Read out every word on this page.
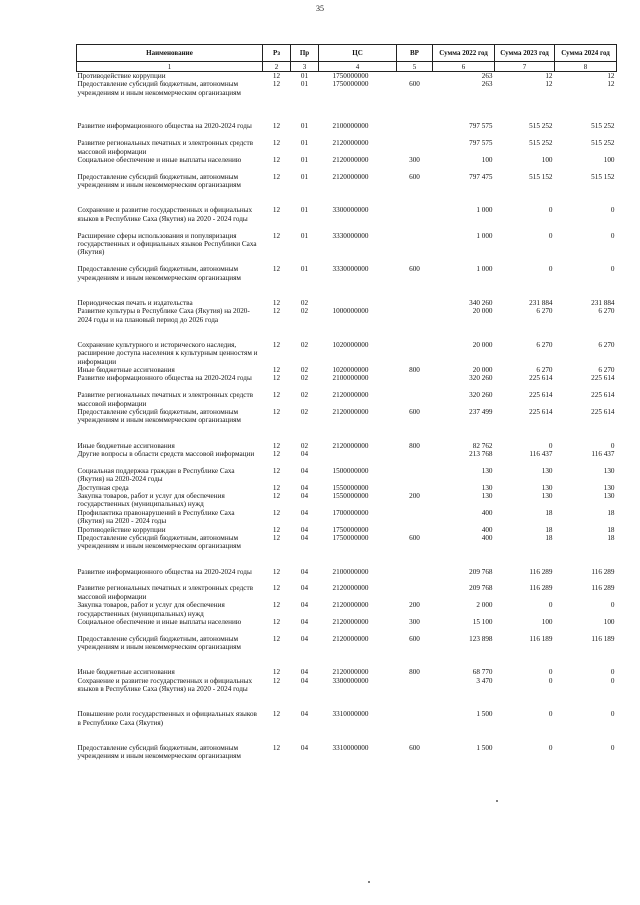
35
Наименование	Рз	Пр	ЦС	ВР	Сумма 2022 год	Сумма 2023 год	Сумма 2024 год
1	2	3	4	5	6	7	8
Противодействие коррупции	12	01	1750000000		263	12	12
Предоставление субсидий бюджетным, автономным учреждениям и иным некоммерческим организациям	12	01	1750000000	600	263	12	12
Развитие информационного общества на 2020-2024 годы	12	01	2100000000		797 575	515 252	515 252
Развитие региональных печатных и электронных средств массовой информации	12	01	2120000000		797 575	515 252	515 252
Социальное обеспечение и иные выплаты населению	12	01	2120000000	300	100	100	100
Предоставление субсидий бюджетным, автономным учреждениям и иным некоммерческим организациям	12	01	2120000000	600	797 475	515 152	515 152
Сохранение и развитие государственных и официальных языков в Республике Саха (Якутия) на 2020 - 2024 годы	12	01	3300000000		1 000	0	0
Расширение сферы использования и популяризация государственных и официальных языков Республики Саха (Якутия)	12	01	3330000000		1 000	0	0
Предоставление субсидий бюджетным, автономным учреждениям и иным некоммерческим организациям	12	01	3330000000	600	1 000	0	0
Периодическая печать и издательства	12	02			340 260	231 884	231 884
Развитие культуры в Республике Саха (Якутия) на 2020-2024 годы и на плановый период до 2026 года	12	02	1000000000		20 000	6 270	6 270
Сохранение культурного и исторического наследия, расширение доступа населения к культурным ценностям и информации	12	02	1020000000		20 000	6 270	6 270
Иные бюджетные ассигнования	12	02	1020000000	800	20 000	6 270	6 270
Развитие информационного общества на 2020-2024 годы	12	02	2100000000		320 260	225 614	225 614
Развитие региональных печатных и электронных средств массовой информации	12	02	2120000000		320 260	225 614	225 614
Предоставление субсидий бюджетным, автономным учреждениям и иным некоммерческим организациям	12	02	2120000000	600	237 499	225 614	225 614
Иные бюджетные ассигнования	12	02	2120000000	800	82 762	0	0
Другие вопросы в области средств массовой информации	12	04			213 768	116 437	116 437
Социальная поддержка граждан в Республике Саха (Якутия) на 2020-2024 годы	12	04	1500000000		130	130	130
Доступная среда	12	04	1550000000		130	130	130
Закупка товаров, работ и услуг для обеспечения государственных (муниципальных) нужд	12	04	1550000000	200	130	130	130
Профилактика правонарушений в Республике Саха (Якутия) на 2020 - 2024 годы	12	04	1700000000		400	18	18
Противодействие коррупции	12	04	1750000000		400	18	18
Предоставление субсидий бюджетным, автономным учреждениям и иным некоммерческим организациям	12	04	1750000000	600	400	18	18
Развитие информационного общества на 2020-2024 годы	12	04	2100000000		209 768	116 289	116 289
Развитие региональных печатных и электронных средств массовой информации	12	04	2120000000		209 768	116 289	116 289
Закупка товаров, работ и услуг для обеспечения государственных (муниципальных) нужд	12	04	2120000000	200	2 000	0	0
Социальное обеспечение и иные выплаты населению	12	04	2120000000	300	15 100	100	100
Предоставление субсидий бюджетным, автономным учреждениям и иным некоммерческим организациям	12	04	2120000000	600	123 898	116 189	116 189
Иные бюджетные ассигнования	12	04	2120000000	800	68 770	0	0
Сохранение и развитие государственных и официальных языков в Республике Саха (Якутия) на 2020 - 2024 годы	12	04	3300000000		3 470	0	0
Повышение роли государственных и официальных языков в Республике Саха (Якутия)	12	04	3310000000		1 500	0	0
Предоставление субсидий бюджетным, автономным учреждениям и иным некоммерческим организациям	12	04	3310000000	600	1 500	0	0
